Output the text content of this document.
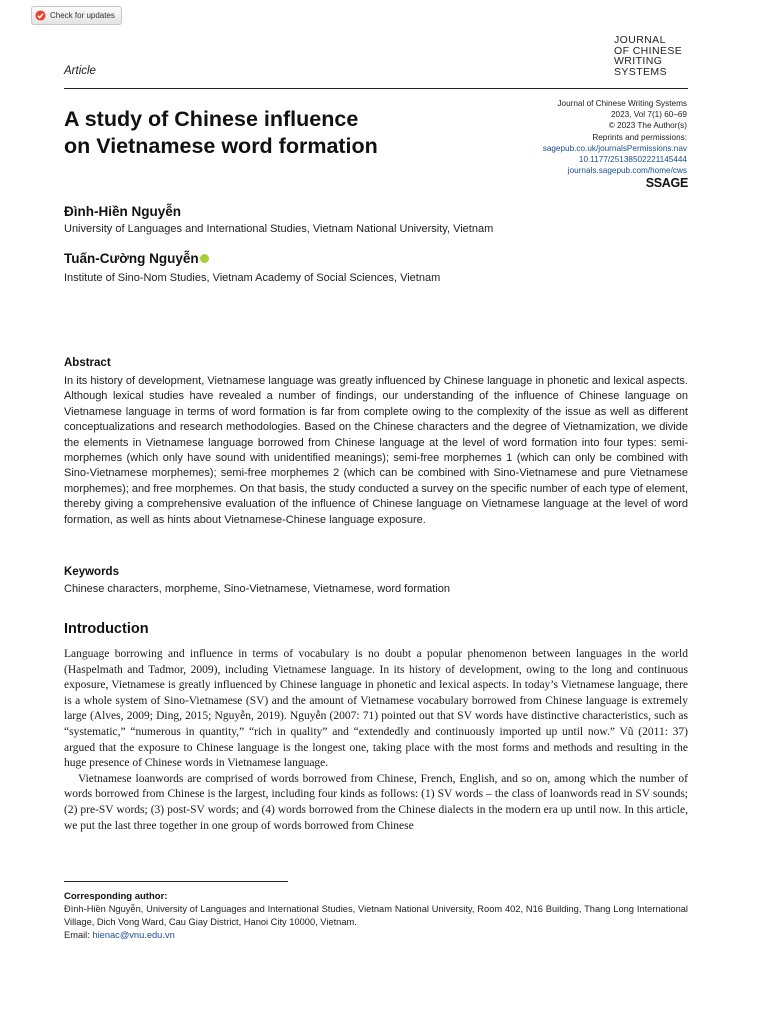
Check for updates
JOURNAL
OF CHINESE
WRITING
SYSTEMS
Article
A study of Chinese influence
on Vietnamese word formation
Journal of Chinese Writing Systems
2023, Vol 7(1) 60–69
© 2023 The Author(s)
Reprints and permissions:
sagepub.co.uk/journalsPermissions.nav
10.1177/25138502221145444
journals.sagepub.com/home/cws
SSAGE
Đình-Hiền Nguyễn
University of Languages and International Studies, Vietnam National University, Vietnam
Tuấn-Cường Nguyễn
Institute of Sino-Nom Studies, Vietnam Academy of Social Sciences, Vietnam
Abstract
In its history of development, Vietnamese language was greatly influenced by Chinese language in phonetic and lexical aspects. Although lexical studies have revealed a number of findings, our understanding of the influence of Chinese language on Vietnamese language in terms of word formation is far from complete owing to the complexity of the issue as well as different conceptualizations and research methodologies. Based on the Chinese characters and the degree of Vietnamization, we divide the elements in Vietnamese language borrowed from Chinese language at the level of word formation into four types: semi-morphemes (which only have sound with unidentified meanings); semi-free morphemes 1 (which can only be combined with Sino-Vietnamese morphemes); semi-free morphemes 2 (which can be combined with Sino-Vietnamese and pure Vietnamese morphemes); and free morphemes. On that basis, the study conducted a survey on the specific number of each type of element, thereby giving a comprehensive evaluation of the influence of Chinese language on Vietnamese language at the level of word formation, as well as hints about Vietnamese-Chinese language exposure.
Keywords
Chinese characters, morpheme, Sino-Vietnamese, Vietnamese, word formation
Introduction

Language borrowing and influence in terms of vocabulary is no doubt a popular phenomenon between languages in the world (Haspelmath and Tadmor, 2009), including Vietnamese language. In its history of development, owing to the long and continuous exposure, Vietnamese is greatly influenced by Chinese language in phonetic and lexical aspects. In today’s Vietnamese language, there is a whole system of Sino-Vietnamese (SV) and the amount of Vietnamese vocabulary borrowed from Chinese language is extremely large (Alves, 2009; Ding, 2015; Nguyễn, 2019). Nguyễn (2007: 71) pointed out that SV words have distinctive characteristics, such as “systematic,” “numerous in quantity,” “rich in quality” and “extendedly and continuously imported up until now.” Vũ (2011: 37) argued that the exposure to Chinese language is the longest one, taking place with the most forms and methods and resulting in the huge presence of Chinese words in Vietnamese language.

Vietnamese loanwords are comprised of words borrowed from Chinese, French, English, and so on, among which the number of words borrowed from Chinese is the largest, including four kinds as follows: (1) SV words – the class of loanwords read in SV sounds; (2) pre-SV words; (3) post-SV words; and (4) words borrowed from the Chinese dialects in the modern era up until now. In this article, we put the last three together in one group of words borrowed from Chinese

Corresponding author:
Đình-Hiền Nguyễn, University of Languages and International Studies, Vietnam National University, Room 402, N16 Building, Thang Long International Village, Dich Vong Ward, Cau Giay District, Hanoi City 10000, Vietnam.
Email: hienac@vnu.edu.vn
